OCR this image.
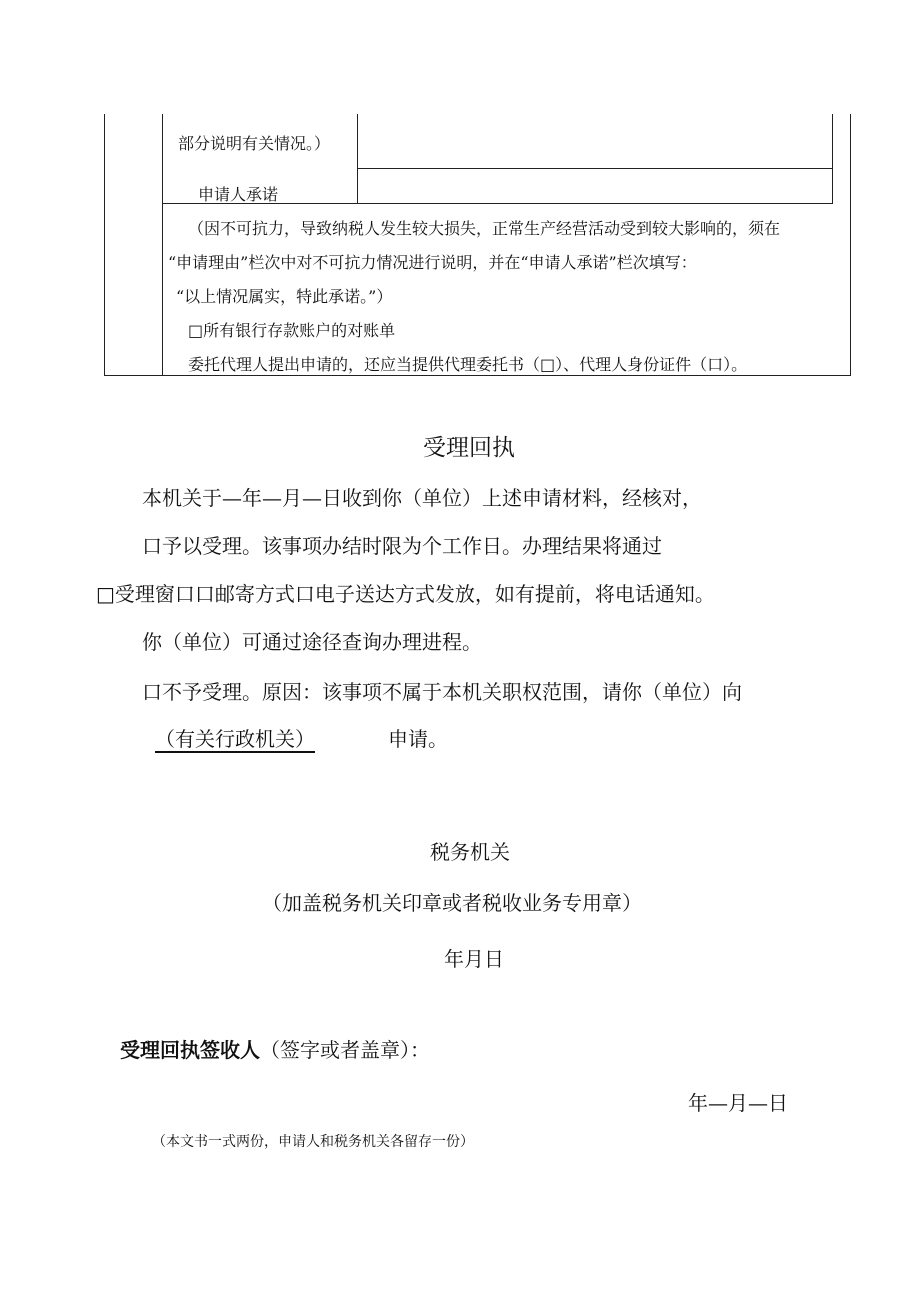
部分说明有关情况。）
申请人承诺
（因不可抗力，导致纳税人发生较大损失，正常生产经营活动受到较大影响的，须在
“申请理由”栏次中对不可抗力情况进行说明，并在“申请人承诺”栏次填写：
“以上情况属实，特此承诺。”）
□所有银行存款账户的对账单
委托代理人提出申请的，还应当提供代理委托书（□）、代理人身份证件（口）。
受理回执
本机关于—年—月—日收到你（单位）上述申请材料，经核对，
口予以受理。该事项办结时限为个工作日。办理结果将通过
□受理窗口口邮寄方式口电子送达方式发放，如有提前，将电话通知。
你（单位）可通过途径查询办理进程。
口不予受理。原因：该事项不属于本机关职权范围，请你（单位）向
（有关行政机关）	申请。
税务机关
（加盖税务机关印章或者税收业务专用章）
年月日
受理回执签收人（签字或者盖章）：
年—月—日
（本文书一式两份，申请人和税务机关各留存一份）
